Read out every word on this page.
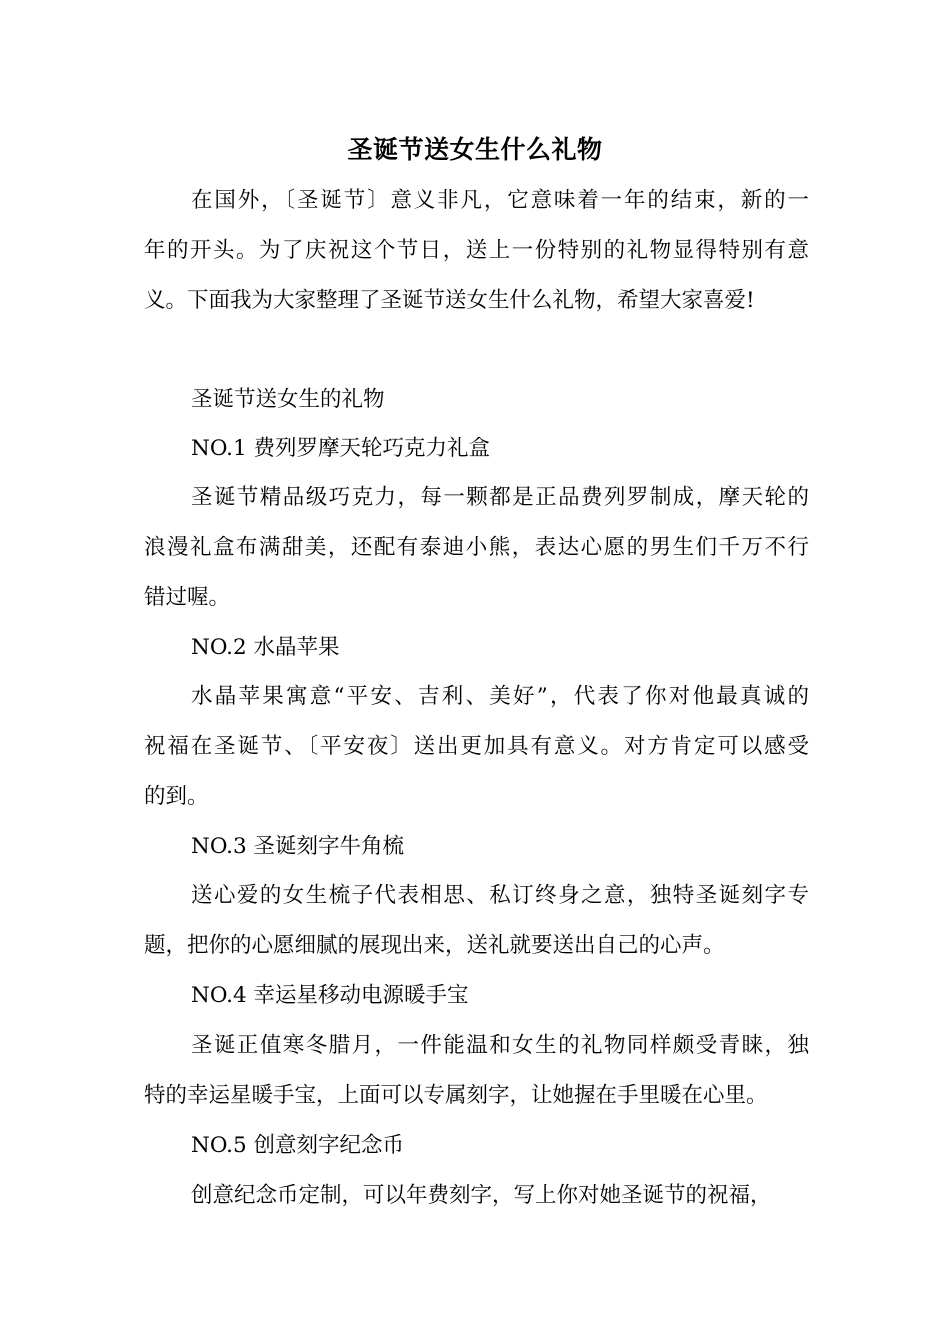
圣诞节送女生什么礼物
在国外，〔圣诞节〕意义非凡，它意味着一年的结束，新的一
年的开头。为了庆祝这个节日，送上一份特别的礼物显得特别有意
义。下面我为大家整理了圣诞节送女生什么礼物，希望大家喜爱!
圣诞节送女生的礼物
NO.1 费列罗摩天轮巧克力礼盒
圣诞节精品级巧克力，每一颗都是正品费列罗制成，摩天轮的
浪漫礼盒布满甜美，还配有泰迪小熊，表达心愿的男生们千万不行
错过喔。
NO.2 水晶苹果
水晶苹果寓意“平安、吉利、美好”，代表了你对他最真诚的
祝福在圣诞节、〔平安夜〕送出更加具有意义。对方肯定可以感受
的到。
NO.3 圣诞刻字牛角梳
送心爱的女生梳子代表相思、私订终身之意，独特圣诞刻字专
题，把你的心愿细腻的展现出来，送礼就要送出自己的心声。
NO.4 幸运星移动电源暖手宝
圣诞正值寒冬腊月，一件能温和女生的礼物同样颇受青睐，独
特的幸运星暖手宝，上面可以专属刻字，让她握在手里暖在心里。
NO.5 创意刻字纪念币
创意纪念币定制，可以年费刻字，写上你对她圣诞节的祝福，
